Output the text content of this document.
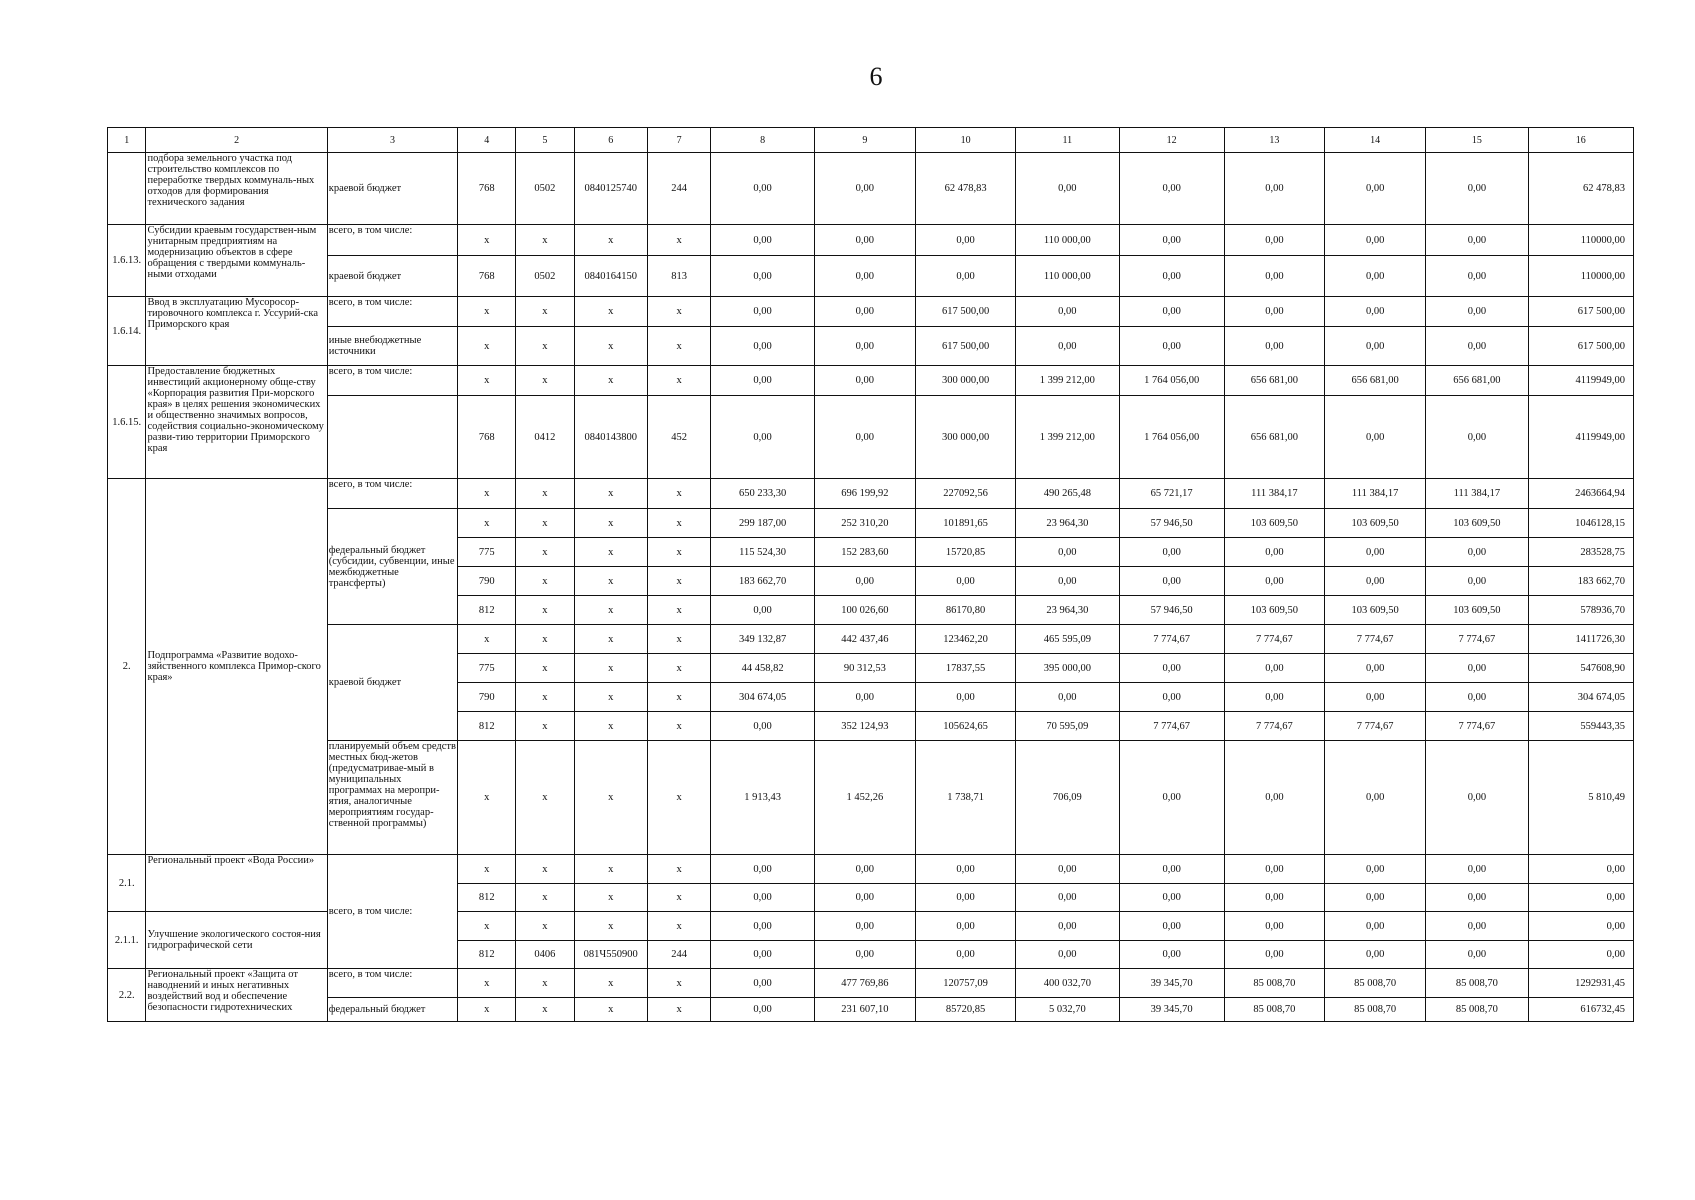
6
1	2	3	4	5	6	7	8	9	10	11	12	13	14	15	16
	подбора земельного участка под строительство комплексов по переработке твердых коммуналь-ных отходов для формирования технического задания	краевой бюджет	768	0502	0840125740	244	0,00	0,00	62 478,83	0,00	0,00	0,00	0,00	0,00	62 478,83
1.6.13.	Субсидии краевым государствен-ным унитарным предприятиям на модернизацию объектов в сфере обращения с твердыми коммуналь-ными отходами	всего, в том числе:	x	x	x	x	0,00	0,00	0,00	110 000,00	0,00	0,00	0,00	0,00	110000,00
		краевой бюджет	768	0502	0840164150	813	0,00	0,00	0,00	110 000,00	0,00	0,00	0,00	0,00	110000,00
1.6.14.	Ввод в эксплуатацию Мусоросор-тировочного комплекса г. Уссурий-ска Приморского края	всего, в том числе:	x	x	x	x	0,00	0,00	617 500,00	0,00	0,00	0,00	0,00	0,00	617 500,00
		иные внебюджетные источники	x	x	x	x	0,00	0,00	617 500,00	0,00	0,00	0,00	0,00	0,00	617 500,00
1.6.15.	Предоставление бюджетных инвестиций акционерному обще-ству «Корпорация развития При-морского края» в целях решения экономических и общественно значимых вопросов, содействия социально-экономическому разви-тию территории Приморского края	всего, в том числе:	x	x	x	x	0,00	0,00	300 000,00	1 399 212,00	1 764 056,00	656 681,00	656 681,00	656 681,00	4119949,00
			768	0412	0840143800	452	0,00	0,00	300 000,00	1 399 212,00	1 764 056,00	656 681,00	0,00	0,00	4119949,00
2.	Подпрограмма «Развитие водохо-зяйственного комплекса Примор-ского края»	всего, в том числе:	x	x	x	x	650 233,30	696 199,92	227092,56	490 265,48	65 721,17	111 384,17	111 384,17	111 384,17	2463664,94
		федеральный бюджет (субсидии, субвенции, иные межбюджетные трансферты)	x	x	x	x	299 187,00	252 310,20	101891,65	23 964,30	57 946,50	103 609,50	103 609,50	103 609,50	1046128,15
			775	x	x	x	115 524,30	152 283,60	15720,85	0,00	0,00	0,00	0,00	0,00	283528,75
			790	x	x	x	183 662,70	0,00	0,00	0,00	0,00	0,00	0,00	0,00	183 662,70
			812	x	x	x	0,00	100 026,60	86170,80	23 964,30	57 946,50	103 609,50	103 609,50	103 609,50	578936,70
		краевой бюджет	x	x	x	x	349 132,87	442 437,46	123462,20	465 595,09	7 774,67	7 774,67	7 774,67	7 774,67	1411726,30
			775	x	x	x	44 458,82	90 312,53	17837,55	395 000,00	0,00	0,00	0,00	0,00	547608,90
			790	x	x	x	304 674,05	0,00	0,00	0,00	0,00	0,00	0,00	0,00	304 674,05
			812	x	x	x	0,00	352 124,93	105624,65	70 595,09	7 774,67	7 774,67	7 774,67	7 774,67	559443,35
		планируемый объем средств местных бюд-жетов (предусматривае-мый в муниципальных программах на меропри-ятия, аналогичные мероприятиям государ-ственной программы)	x	x	x	x	1 913,43	1 452,26	1 738,71	706,09	0,00	0,00	0,00	0,00	5 810,49
2.1.	Региональный проект «Вода России»	всего, в том числе:	x	x	x	x	0,00	0,00	0,00	0,00	0,00	0,00	0,00	0,00	0,00
			812	x	x	x	0,00	0,00	0,00	0,00	0,00	0,00	0,00	0,00	0,00
2.1.1.	Улучшение экологического состоя-ния гидрографической сети		x	x	x	x	0,00	0,00	0,00	0,00	0,00	0,00	0,00	0,00	0,00
			812	0406	081Ч550900	244	0,00	0,00	0,00	0,00	0,00	0,00	0,00	0,00	0,00
2.2.	Региональный проект «Защита от наводнений и иных негативных воздействий вод и обеспечение безопасности гидротехнических	всего, в том числе:	x	x	x	x	0,00	477 769,86	120757,09	400 032,70	39 345,70	85 008,70	85 008,70	85 008,70	1292931,45
		федеральный бюджет	x	x	x	x	0,00	231 607,10	85720,85	5 032,70	39 345,70	85 008,70	85 008,70	85 008,70	616732,45
